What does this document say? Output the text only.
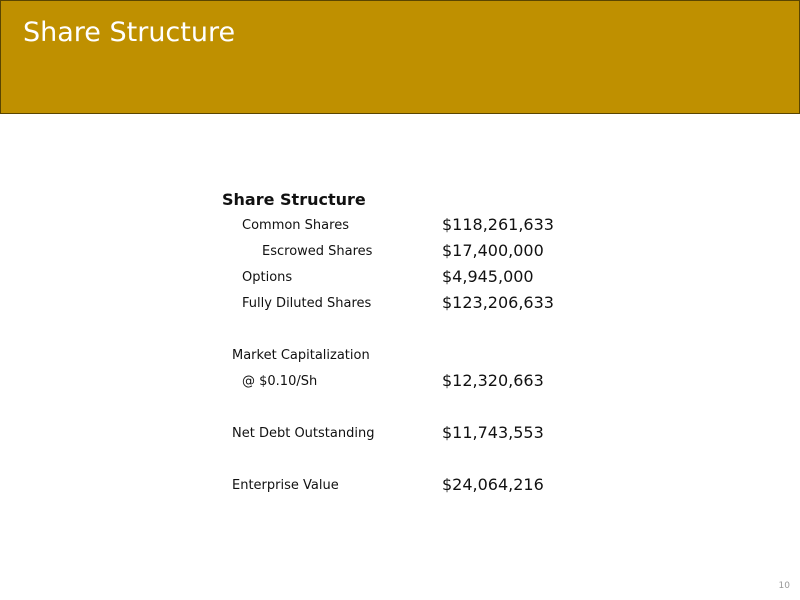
Share Structure
Share Structure
Common Shares	$118,261,633
Escrowed Shares	$17,400,000
Options	$4,945,000
Fully Diluted Shares	$123,206,633
Market Capitalization
@ $0.10/Sh	$12,320,663
Net Debt Outstanding	$11,743,553
Enterprise Value	$24,064,216
10
